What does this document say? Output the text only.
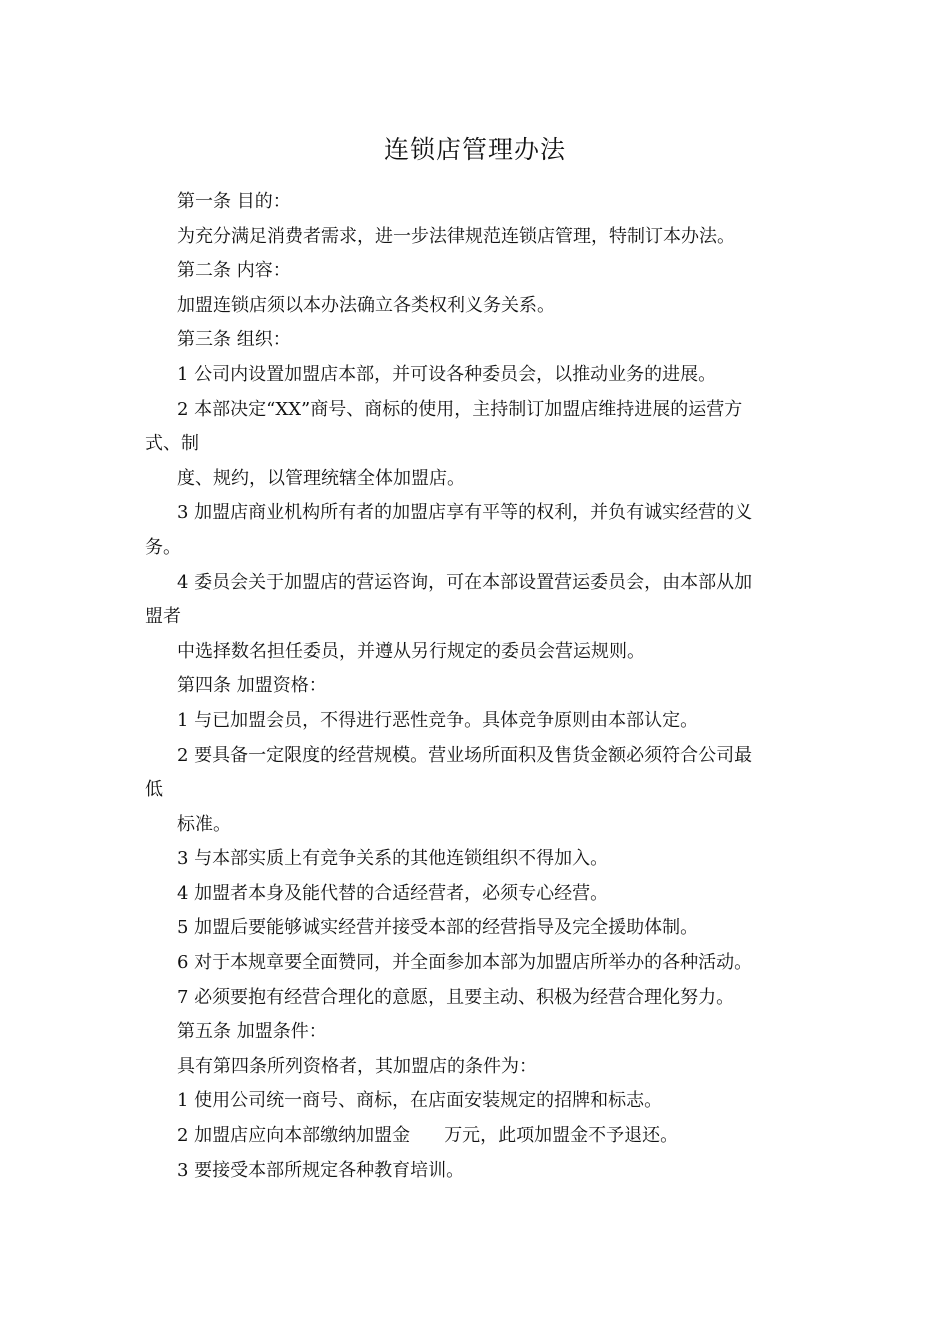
连锁店管理办法

第一条 目的：

为充分满足消费者需求，进一步法律规范连锁店管理，特制订本办法。

第二条 内容：

加盟连锁店须以本办法确立各类权利义务关系。

第三条 组织：

1 公司内设置加盟店本部，并可设各种委员会，以推动业务的进展。

2 本部决定“XX”商号、商标的使用，主持制订加盟店维持进展的运营方

式、制

度、规约，以管理统辖全体加盟店。

3 加盟店商业机构所有者的加盟店享有平等的权利，并负有诚实经营的义

务。

4 委员会关于加盟店的营运咨询，可在本部设置营运委员会，由本部从加

盟者

中选择数名担任委员，并遵从另行规定的委员会营运规则。

第四条 加盟资格：

1 与已加盟会员，不得进行恶性竞争。具体竞争原则由本部认定。

2 要具备一定限度的经营规模。营业场所面积及售货金额必须符合公司最

低

标准。

3 与本部实质上有竞争关系的其他连锁组织不得加入。

4 加盟者本身及能代替的合适经营者，必须专心经营。

5 加盟后要能够诚实经营并接受本部的经营指导及完全援助体制。

6 对于本规章要全面赞同，并全面参加本部为加盟店所举办的各种活动。

7 必须要抱有经营合理化的意愿，且要主动、积极为经营合理化努力。

第五条 加盟条件：

具有第四条所列资格者，其加盟店的条件为：

1 使用公司统一商号、商标，在店面安装规定的招牌和标志。

2 加盟店应向本部缴纳加盟金 万元，此项加盟金不予退还。

3 要接受本部所规定各种教育培训。
